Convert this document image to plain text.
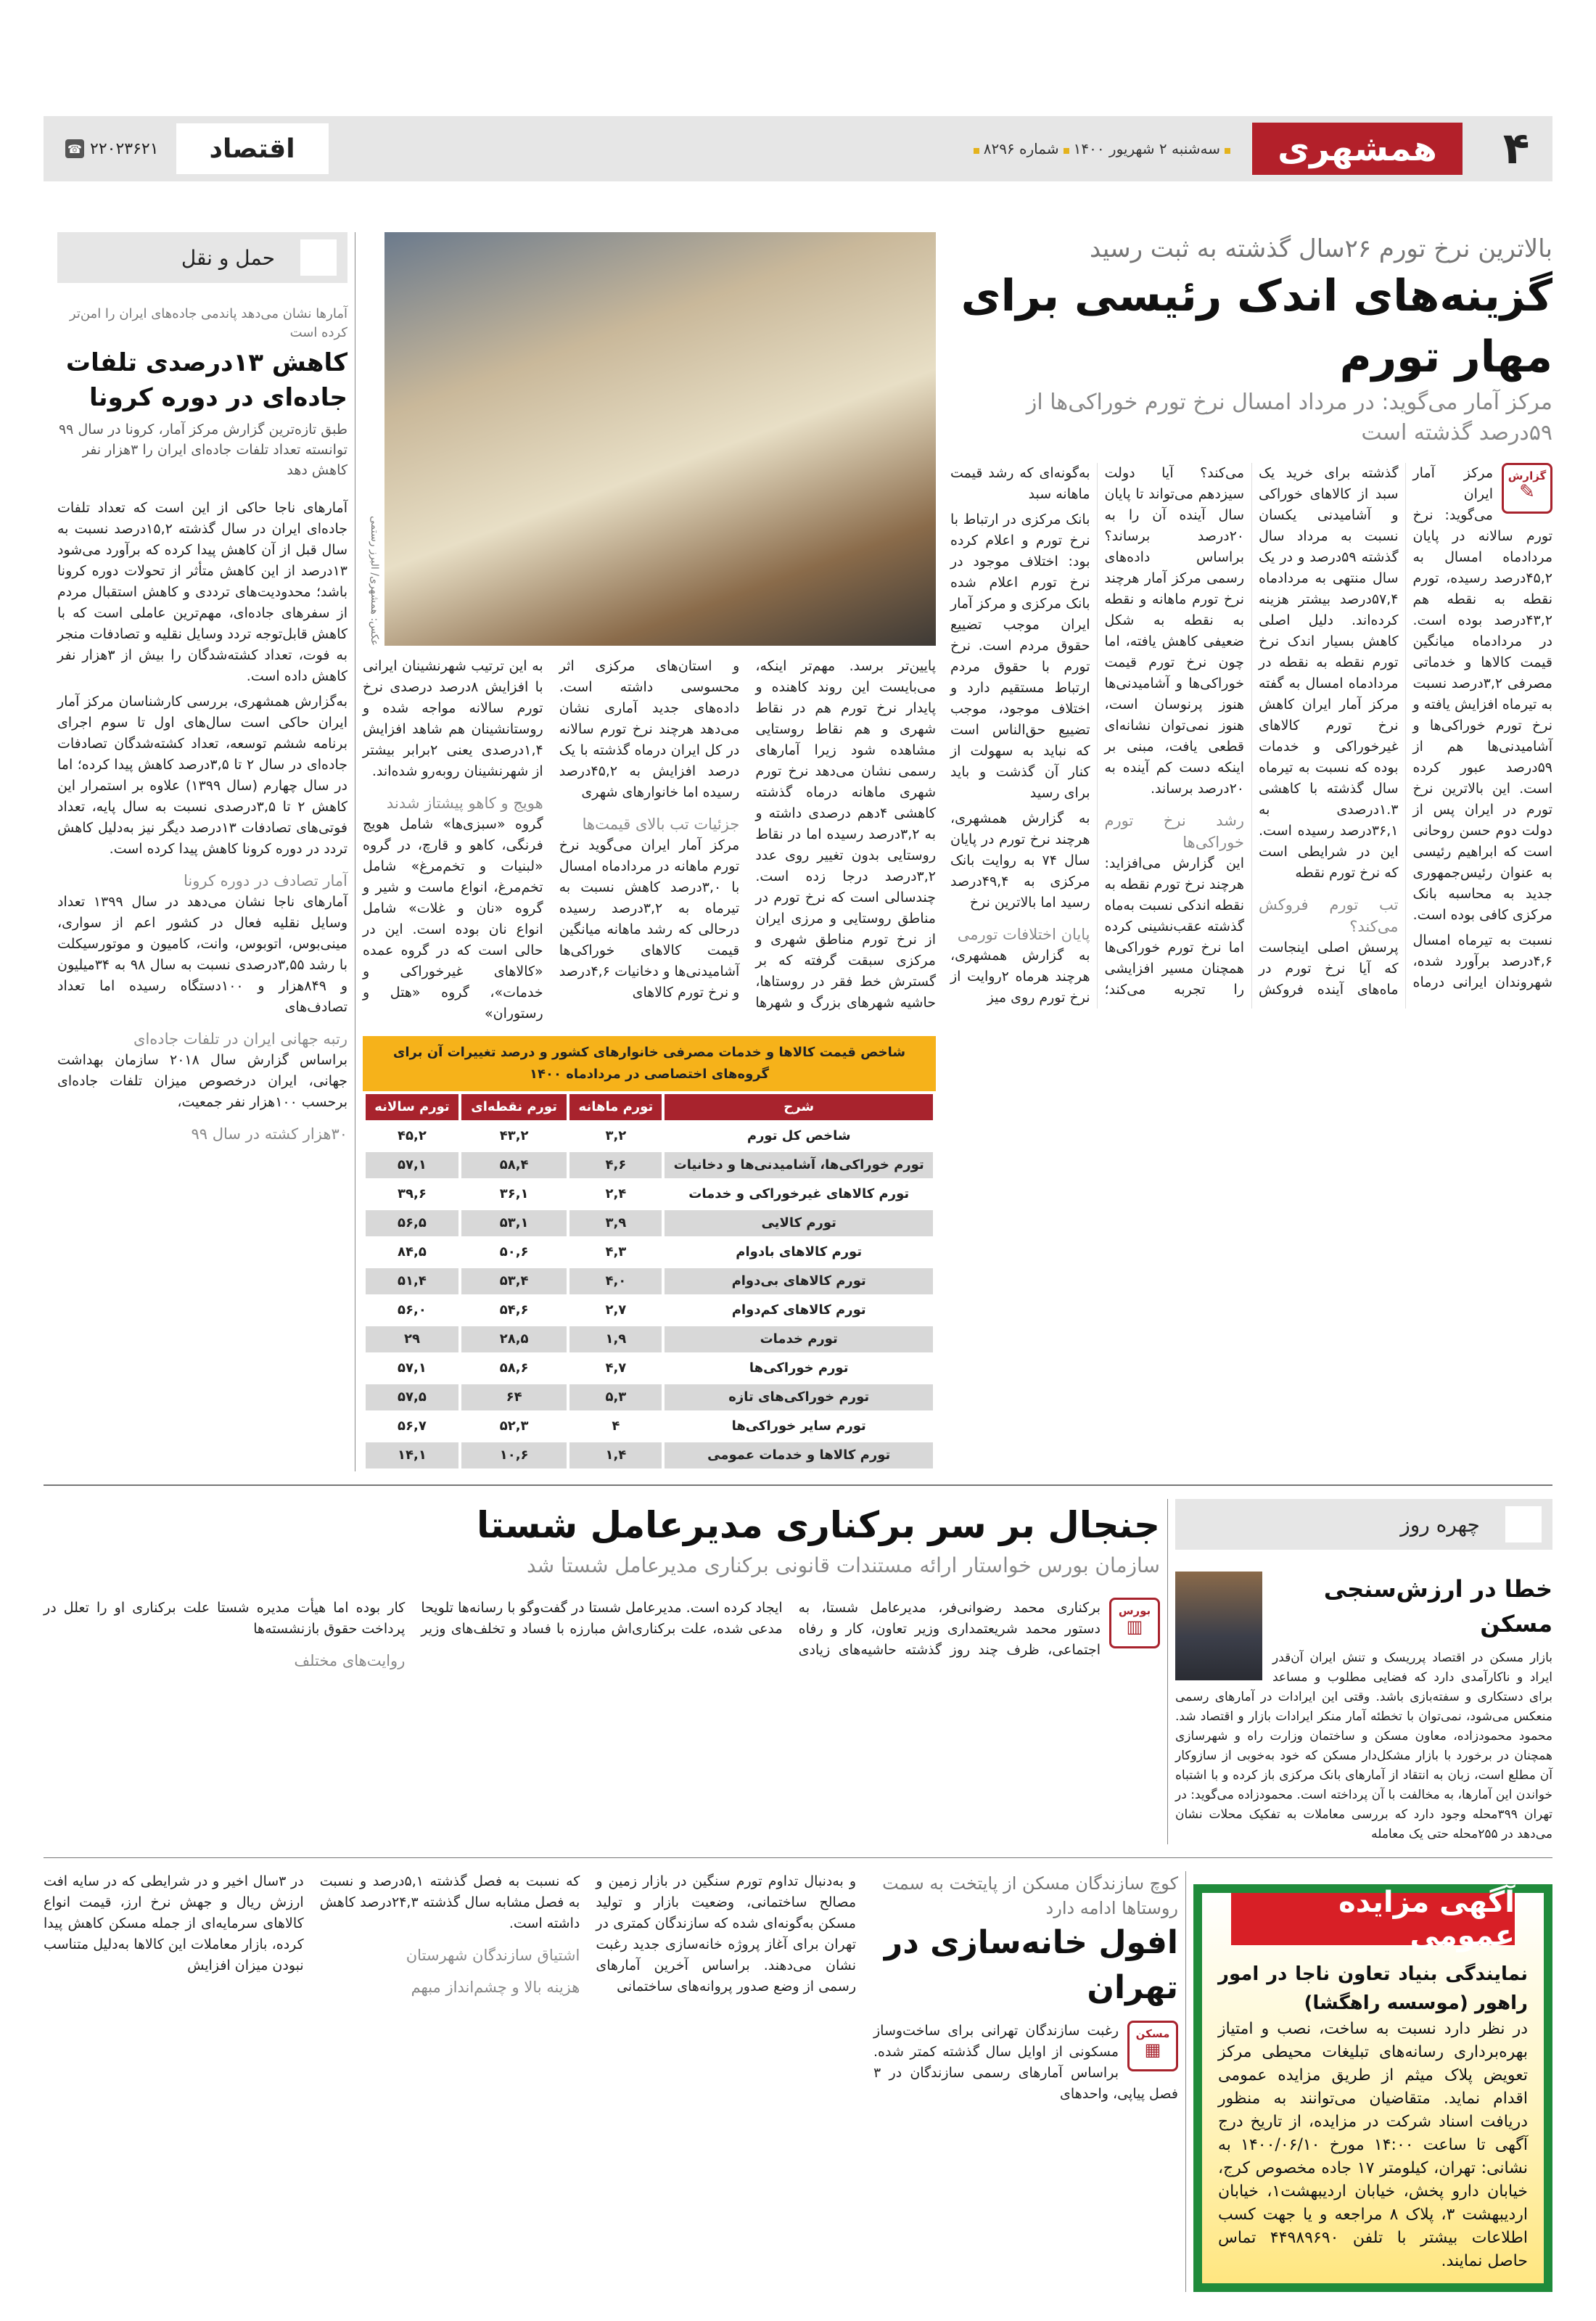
۴
همشهری
سه‌شنبه ۲ شهریور ۱۴۰۰شماره ۸۲۹۶
اقتصاد
۲۲۰۲۳۶۲۱
☎
بالاترین نرخ تورم ۲۶سال گذشته به ثبت رسید
گزینه‌های اندک رئیسی برای مهار تورم
مرکز آمار می‌گوید: در مرداد امسال نرخ تورم خوراکی‌ها از ۵۹درصد گذشته است
گزارش
✎

مرکز آمار ایران می‌گوید: نرخ تورم سالانه در پایان مردادماه امسال به ۴۵,۲درصد رسیده، تورم نقطه به نقطه هم ۴۳,۲درصد بوده است. در مردادماه میانگین قیمت کالاها و خدماتی مصرفی ۳,۲درصد نسبت به تیرماه افزایش یافته و نرخ تورم خوراکی‌ها و آشامیدنی‌ها هم از ۵۹درصد عبور کرده است. این بالاترین نرخ تورم در ایران پس از دولت دوم حسن روحانی است که ابراهیم رئیسی به عنوان رئیس‌جمهوری جدید به محاسبه بانک مرکزی کافی بوده است.

نسبت به تیرماه امسال ۴,۶درصد برآورد شده، شهروندان ایرانی درماه گذشته برای خرید یک سبد از کالاهای خوراکی و آشامیدنی یکسان نسبت به مرداد سال گذشته ۵۹درصد و در یک سال منتهی به مردادماه ۵۷,۴درصد بیشتر هزینه کرده‌اند. دلیل اصلی کاهش بسیار اندک نرخ تورم نقطه به نقطه در مردادماه امسال به گفته مرکز آمار ایران کاهش نرخ تورم کالاهای غیرخوراکی و خدمات بوده که نسبت به تیرماه سال گذشته با کاهشی ۱.۳درصدی به ۳۶,۱درصد رسیده است. این در شرایطی است که نرخ تورم نقطه

تب تورم فروکش می‌کند؟

پرسش اصلی اینجاست که آیا نرخ تورم در ماه‌های آینده فروکش می‌کند؟ آیا دولت سیزدهم می‌تواند تا پایان سال آینده آن را به ۲۰درصد برساند؟ براساس داده‌های رسمی مرکز آمار هرچند نرخ تورم ماهانه و نقطه به نقطه به شکل ضعیفی کاهش یافته، اما چون نرخ تورم قیمت خوراکی‌ها و آشامیدنی‌ها هنوز پرنوسان است، هنوز نمی‌توان نشانه‌ای قطعی یافت، مبنی بر اینکه دست کم آینده به ۲۰درصد برساند.

رشد نرخ تورم خوراکی‌ها

این گزارش می‌افزاید: هرچند نرخ تورم نقطه به نقطه اندکی نسبت به‌ماه گذشته عقب‌نشینی کرده اما نرخ تورم خوراکی‌ها همچنان مسیر افزایشی را تجربه می‌کند؛ به‌گونه‌ای که رشد قیمت ماهانه سبد

بانک مرکزی در ارتباط با نرخ تورم و اعلام کرده بود: اختلاف موجود در نرخ تورم اعلام شده بانک مرکزی و مرکز آمار ایران موجب تضییع حقوق مردم است. نرخ تورم با حقوق مردم ارتباط مستقیم دارد و اختلاف موجود، موجب تضییع حق‌الناس است که نباید به سهولت از کنار آن گذشت و باید برای رسید

به گزارش همشهری، هرچند نرخ تورم در پایان سال ۷۴ به روایت بانک مرکزی به ۴۹,۴درصد رسید اما بالاترین نرخ

پایان اختلافات تورمی

به گزارش همشهری، هرچند هرماه ۲روایت از نرخ تورم روی میز

عکس: همشهری/ البرز رستمی

پایین‌تر برسد. مهم‌تر اینکه، می‌بایست این روند کاهنده و پایدار نرخ تورم هم در نقاط شهری و هم نقاط روستایی مشاهده شود زیرا آمارهای رسمی نشان می‌دهد نرخ تورم شهری ماهانه درماه گذشته کاهشی ۴دهم درصدی داشته و به ۳,۲درصد رسیده اما در نقاط روستایی بدون تغییر روی عدد ۳,۲درصد درجا زده است. چندسالی است که نرخ تورم در مناطق روستایی و مرزی ایران از نرخ تورم مناطق شهری و مرکزی سبقت گرفته که بر گسترش خط فقر در روستاها، حاشیه شهرهای بزرگ و شهرها و استان‌های مرکزی اثر محسوسی داشته است. داده‌های جدید آماری نشان می‌دهد هرچند نرخ تورم سالانه در کل ایران درماه گذشته با یک درصد افزایش به ۴۵,۲درصد رسیده اما خانوارهای شهری

جزئیات تب بالای قیمت‌ها

مرکز آمار ایران می‌گوید نرخ تورم ماهانه در مردادماه امسال با ۳,۰درصد کاهش نسبت به تیرماه به ۳,۲درصد رسیده درحالی که رشد ماهانه میانگین قیمت کالاهای خوراکی‌ها آشامیدنی‌ها و دخانیات ۴,۶درصد و نرخ تورم کالاهای

به این ترتیب شهرنشینان ایرانی با افزایش ۸درصد درصدی نرخ تورم سالانه مواجه شده و روستانشینان هم شاهد افزایش ۱,۴درصدی یعنی ۲برابر بیشتر از شهرنشینان روبه‌رو شده‌اند.

هویج و کاهو پیشتاز شدند

گروه «سبزی‌ها» شامل هویج فرنگی، کاهو و قارچ، در گروه «لبنیات و تخم‌مرغ» شامل تخم‌مرغ، انواع ماست و شیر و گروه «نان و غلات» شامل انواع نان بوده است. این در حالی است که در گروه عمده «کالاهای غیرخوراکی و خدمات»، گروه «هتل و رستوران»

شاخص قیمت کالاها و خدمات مصرفی خانوارهای کشور و درصد تغییرات آن برای گروه‌های اختصاصی در مردادماه ۱۴۰۰
شرح	تورم ماهانه	تورم نقطه‌ای	تورم سالانه
شاخص کل تورم	۳,۲	۴۳,۲	۴۵,۲
تورم خوراکی‌ها، آشامیدنی‌ها و دخانیات	۴,۶	۵۸,۴	۵۷,۱
تورم کالاهای غیرخوراکی و خدمات	۲,۴	۳۶,۱	۳۹,۶
تورم کالایی	۳,۹	۵۳,۱	۵۶,۵
تورم کالاهای بادوام	۴,۳	۵۰,۶	۸۴,۵
تورم کالاهای بی‌دوام	۴,۰	۵۳,۴	۵۱,۴
تورم کالاهای کم‌دوام	۲,۷	۵۴,۶	۵۶,۰
تورم خدمات	۱,۹	۲۸,۵	۲۹
تورم خوراکی‌ها	۴,۷	۵۸,۶	۵۷,۱
تورم خوراکی‌های تازه	۵,۳	۶۴	۵۷,۵
تورم سایر خوراکی‌ها	۴	۵۲,۳	۵۶,۷
تورم کالاها و خدمات عمومی	۱,۴	۱۰,۶	۱۴,۱
حمل و نقل
آمارها نشان می‌دهد پاندمی جاده‌های ایران را امن‌تر کرده است
کاهش ۱۳درصدی تلفات جاده‌ای در دوره کرونا
طبق تازه‌ترین گزارش مرکز آمار، کرونا در سال ۹۹ توانسته تعداد تلفات جاده‌ای ایران را ۳هزار نفر کاهش دهد

آمارهای ناجا حاکی از این است که تعداد تلفات جاده‌ای ایران در سال گذشته ۱۵,۲درصد نسبت به سال قبل از آن کاهش پیدا کرده که برآورد می‌شود ۱۳درصد از این کاهش متأثر از تحولات دوره کرونا باشد؛ محدودیت‌های ترددی و کاهش استقبال مردم از سفرهای جاده‌ای، مهم‌ترین عاملی است که با کاهش قابل‌توجه تردد وسایل نقلیه و تصادفات منجر به فوت، تعداد کشته‌شدگان را بیش از ۳هزار نفر کاهش داده است.

به‌گزارش همشهری، بررسی کارشناسان مرکز آمار ایران حاکی است سال‌های اول تا سوم اجرای برنامه ششم توسعه، تعداد کشته‌شدگان تصادفات جاده‌ای در سال ۲ تا ۳,۵درصد کاهش پیدا کرده؛ اما در سال چهارم (سال ۱۳۹۹) علاوه بر استمرار این کاهش ۲ تا ۳,۵درصدی نسبت به سال پایه، تعداد فوتی‌های تصادفات ۱۳درصد دیگر نیز به‌دلیل کاهش تردد در دوره کرونا کاهش پیدا کرده است.

آمار تصادف در دوره کرونا

آمارهای ناجا نشان می‌دهد در سال ۱۳۹۹ تعداد وسایل نقلیه فعال در کشور اعم از سواری، مینی‌بوس، اتوبوس، وانت، کامیون و موتورسیکلت با رشد ۳,۵۵درصدی نسبت به سال ۹۸ به ۳۴میلیون و ۸۴۹هزار و ۱۰۰دستگاه رسیده اما تعداد تصادف‌های

رتبه جهانی ایران در تلفات جاده‌ای

براساس گزارش سال ۲۰۱۸ سازمان بهداشت جهانی، ایران درخصوص میزان تلفات جاده‌ای برحسب ۱۰۰هزار نفر جمعیت،

۳۰هزار کشته در سال ۹۹
چهره روز
خطا در ارزش‌سنجی مسکن

بازار مسکن در اقتصاد پرریسک و تنش ایران آن‌قدر ایراد و ناکارآمدی دارد که فضایی مطلوب و مساعد برای دستکاری و سفته‌بازی باشد. وقتی این ایرادات در آمارهای رسمی منعکس می‌شود، نمی‌توان با تخطئه آمار منکر ایرادات بازار و اقتصاد شد. محمود محمودزاده، معاون مسکن و ساختمان وزارت راه و شهرسازی همچنان در برخورد با بازار مشکل‌دار مسکن که خود به‌خوبی از سازوکار آن مطلع است، زبان به انتقاد از آمارهای بانک مرکزی باز کرده و با اشتباه خواندن این آمارها، به مخالفت با آن پرداخته است. محمودزاده می‌گوید: در تهران ۳۹۹محله وجود دارد که بررسی معاملات به تفکیک محلات نشان می‌دهد در ۲۵۵محله حتی یک معامله

جنجال بر سر برکناری مدیرعامل شستا
سازمان بورس خواستار ارائه مستندات قانونی برکناری مدیرعامل شستا شد
بورس
▥

برکناری محمد رضوانی‌فر، مدیرعامل شستا، به دستور محمد شریعتمداری وزیر تعاون، کار و رفاه اجتماعی، ظرف چند روز گذشته حاشیه‌های زیادی ایجاد کرده است. مدیرعامل شستا در گفت‌وگو با رسانه‌ها تلویحا مدعی شده، علت برکناری‌اش مبارزه با فساد و تخلف‌های وزیر کار بوده اما هیأت مدیره شستا علت برکناری او را تعلل در پرداخت حقوق بازنشسته‌ها

روایت‌های مختلف
آگهی مزایده عمومی
نمایندگی بنیاد تعاون ناجا در امور راهور (موسسه راهگشا)
در نظر دارد نسبت به ساخت، نصب و امتیاز بهره‌برداری رسانه‌های تبلیغات محیطی مرکز تعویض پلاک میثم از طریق مزایده عمومی اقدام نماید. متقاضیان می‌توانند به منظور دریافت اسناد شرکت در مزایده، از تاریخ درج آگهی تا ساعت ۱۴:۰۰ مورخ ۱۴۰۰/۰۶/۱۰ به نشانی: تهران، کیلومتر ۱۷ جاده مخصوص کرج، خیابان دارو پخش، خیابان اردیبهشت۱، خیابان اردیبهشت ۳، پلاک ۸ مراجعه و یا جهت کسب اطلاعات بیشتر با تلفن ۴۴۹۸۹۶۹۰ تماس حاصل نمایند.
کوچ سازندگان مسکن از پایتخت به سمت روستاها ادامه دارد
افول خانه‌سازی در تهران
مسکن
▦

رغبت سازندگان تهرانی برای ساخت‌وساز مسکونی از اوایل سال گذشته کمتر شده. براساس آمارهای رسمی سازندگان در ۳ فصل پیاپی، واحدهای

و به‌دنبال تداوم تورم سنگین در بازار زمین و مصالح ساختمانی، وضعیت بازار و تولید مسکن به‌گونه‌ای شده که سازندگان کمتری در تهران برای آغاز پروژه خانه‌سازی جدید رغبت نشان می‌دهند. براساس آخرین آمارهای رسمی از وضع صدور پروانه‌های ساختمانی

که نسبت به فصل گذشته ۵,۱درصد و نسبت به فصل مشابه سال گذشته ۲۴,۳درصد کاهش داشته است.

اشتیاق سازندگان شهرستان
هزینه بالا و چشم‌انداز مبهم

در ۳سال اخیر و در شرایطی که در سایه افت ارزش ریال و جهش نرخ ارز، قیمت انواع کالاهای سرمایه‌ای از جمله مسکن کاهش پیدا کرده، بازار معاملات این کالاها به‌دلیل متناسب نبودن میزان افزایش
